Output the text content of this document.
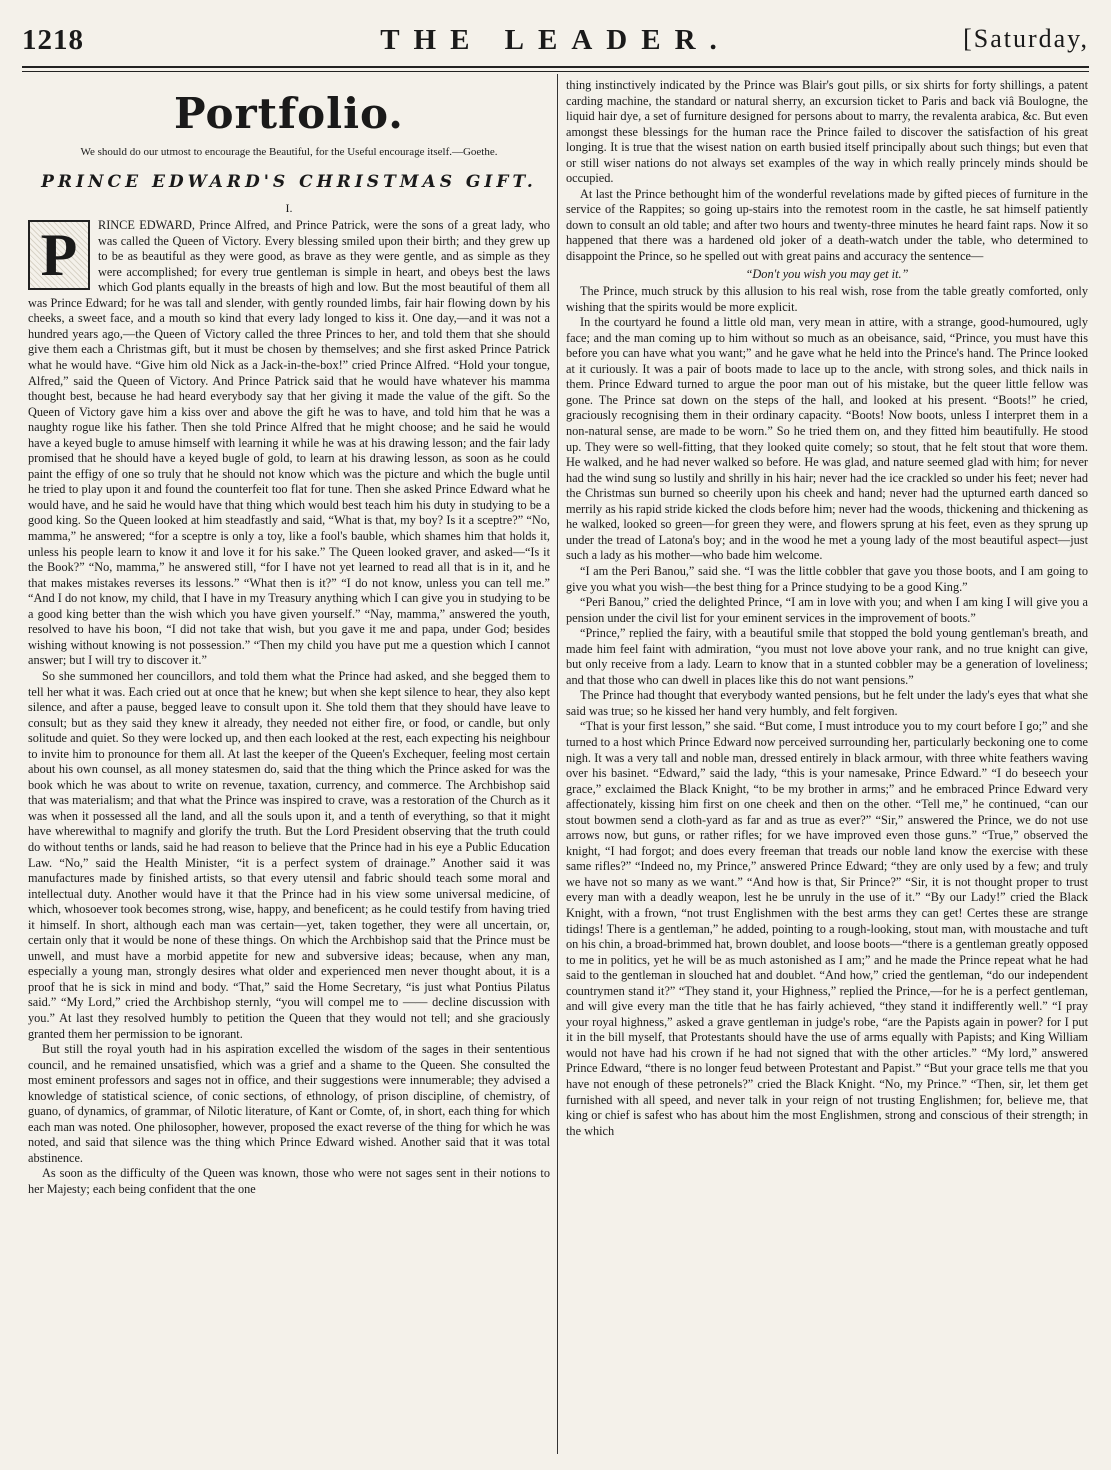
1218	THE LEADER.	[Saturday,
Portfolio.
We should do our utmost to encourage the Beautiful, for the Useful encourage itself.—Goethe.
PRINCE EDWARD'S CHRISTMAS GIFT.
I.
P	RINCE EDWARD, Prince Alfred, and Prince Patrick, were the sons of a great lady, who was called the Queen of Victory. Every blessing smiled upon their birth; and they grew up to be as beautiful as they were good, as brave as they were gentle, and as simple as they were accomplished; for every true gentleman is simple in heart, and obeys best the laws which God plants equally in the breasts of high and low. But the most beautiful of them all was Prince Edward; for he was tall and slender, with gently rounded limbs, fair hair flowing down by his cheeks, a sweet face, and a mouth so kind that every lady longed to kiss it. One day,—and it was not a hundred years ago,—the Queen of Victory called the three Princes to her, and told them that she should give them each a Christmas gift, but it must be chosen by themselves; and she first asked Prince Patrick what he would have. “Give him old Nick as a Jack-in-the-box!” cried Prince Alfred. “Hold your tongue, Alfred,” said the Queen of Victory. And Prince Patrick said that he would have whatever his mamma thought best, because he had heard everybody say that her giving it made the value of the gift. So the Queen of Victory gave him a kiss over and above the gift he was to have, and told him that he was a naughty rogue like his father. Then she told Prince Alfred that he might choose; and he said he would have a keyed bugle to amuse himself with learning it while he was at his drawing lesson; and the fair lady promised that he should have a keyed bugle of gold, to learn at his drawing lesson, as soon as he could paint the effigy of one so truly that he should not know which was the picture and which the bugle until he tried to play upon it and found the counterfeit too flat for tune. Then she asked Prince Edward what he would have, and he said he would have that thing which would best teach him his duty in studying to be a good king. So the Queen looked at him steadfastly and said, “What is that, my boy? Is it a sceptre?” “No, mamma,” he answered; “for a sceptre is only a toy, like a fool's bauble, which shames him that holds it, unless his people learn to know it and love it for his sake.” The Queen looked graver, and asked—“Is it the Book?” “No, mamma,” he answered still, “for I have not yet learned to read all that is in it, and he that makes mistakes reverses its lessons.” “What then is it?” “I do not know, unless you can tell me.” “And I do not know, my child, that I have in my Treasury anything which I can give you in studying to be a good king better than the wish which you have given yourself.” “Nay, mamma,” answered the youth, resolved to have his boon, “I did not take that wish, but you gave it me and papa, under God; besides wishing without knowing is not possession.” “Then my child you have put me a question which I cannot answer; but I will try to discover it.”

So she summoned her councillors, and told them what the Prince had asked, and she begged them to tell her what it was. Each cried out at once that he knew; but when she kept silence to hear, they also kept silence, and after a pause, begged leave to consult upon it. She told them that they should have leave to consult; but as they said they knew it already, they needed not either fire, or food, or candle, but only solitude and quiet. So they were locked up, and then each looked at the rest, each expecting his neighbour to invite him to pronounce for them all. At last the keeper of the Queen's Exchequer, feeling most certain about his own counsel, as all money statesmen do, said that the thing which the Prince asked for was the book which he was about to write on revenue, taxation, currency, and commerce. The Archbishop said that was materialism; and that what the Prince was inspired to crave, was a restoration of the Church as it was when it possessed all the land, and all the souls upon it, and a tenth of everything, so that it might have wherewithal to magnify and glorify the truth. But the Lord President observing that the truth could do without tenths or lands, said he had reason to believe that the Prince had in his eye a Public Education Law. “No,” said the Health Minister, “it is a perfect system of drainage.” Another said it was manufactures made by finished artists, so that every utensil and fabric should teach some moral and intellectual duty. Another would have it that the Prince had in his view some universal medicine, of which, whosoever took becomes strong, wise, happy, and beneficent; as he could testify from having tried it himself. In short, although each man was certain—yet, taken together, they were all uncertain, or, certain only that it would be none of these things. On which the Archbishop said that the Prince must be unwell, and must have a morbid appetite for new and subversive ideas; because, when any man, especially a young man, strongly desires what older and experienced men never thought about, it is a proof that he is sick in mind and body. “That,” said the Home Secretary, “is just what Pontius Pilatus said.” “My Lord,” cried the Archbishop sternly, “you will compel me to —— decline discussion with you.” At last they resolved humbly to petition the Queen that they would not tell; and she graciously granted them her permission to be ignorant.

But still the royal youth had in his aspiration excelled the wisdom of the sages in their sententious council, and he remained unsatisfied, which was a grief and a shame to the Queen. She consulted the most eminent professors and sages not in office, and their suggestions were innumerable; they advised a knowledge of statistical science, of conic sections, of ethnology, of prison discipline, of chemistry, of guano, of dynamics, of grammar, of Nilotic literature, of Kant or Comte, of, in short, each thing for which each man was noted. One philosopher, however, proposed the exact reverse of the thing for which he was noted, and said that silence was the thing which Prince Edward wished. Another said that it was total abstinence.

As soon as the difficulty of the Queen was known, those who were not sages sent in their notions to her Majesty; each being confident that the one

thing instinctively indicated by the Prince was Blair's gout pills, or six shirts for forty shillings, a patent carding machine, the standard or natural sherry, an excursion ticket to Paris and back viâ Boulogne, the liquid hair dye, a set of furniture designed for persons about to marry, the revalenta arabica, &c. But even amongst these blessings for the human race the Prince failed to discover the satisfaction of his great longing. It is true that the wisest nation on earth busied itself principally about such things; but even that or still wiser nations do not always set examples of the way in which really princely minds should be occupied.

At last the Prince bethought him of the wonderful revelations made by gifted pieces of furniture in the service of the Rappites; so going up-stairs into the remotest room in the castle, he sat himself patiently down to consult an old table; and after two hours and twenty-three minutes he heard faint raps. Now it so happened that there was a hardened old joker of a death-watch under the table, who determined to disappoint the Prince, so he spelled out with great pains and accuracy the sentence—

“Don't you wish you may get it.”

The Prince, much struck by this allusion to his real wish, rose from the table greatly comforted, only wishing that the spirits would be more explicit.

In the courtyard he found a little old man, very mean in attire, with a strange, good-humoured, ugly face; and the man coming up to him without so much as an obeisance, said, “Prince, you must have this before you can have what you want;” and he gave what he held into the Prince's hand. The Prince looked at it curiously. It was a pair of boots made to lace up to the ancle, with strong soles, and thick nails in them. Prince Edward turned to argue the poor man out of his mistake, but the queer little fellow was gone. The Prince sat down on the steps of the hall, and looked at his present. “Boots!” he cried, graciously recognising them in their ordinary capacity. “Boots! Now boots, unless I interpret them in a non-natural sense, are made to be worn.” So he tried them on, and they fitted him beautifully. He stood up. They were so well-fitting, that they looked quite comely; so stout, that he felt stout that wore them. He walked, and he had never walked so before. He was glad, and nature seemed glad with him; for never had the wind sung so lustily and shrilly in his hair; never had the ice crackled so under his feet; never had the Christmas sun burned so cheerily upon his cheek and hand; never had the upturned earth danced so merrily as his rapid stride kicked the clods before him; never had the woods, thickening and thickening as he walked, looked so green—for green they were, and flowers sprung at his feet, even as they sprung up under the tread of Latona's boy; and in the wood he met a young lady of the most beautiful aspect—just such a lady as his mother—who bade him welcome.

“I am the Peri Banou,” said she. “I was the little cobbler that gave you those boots, and I am going to give you what you wish—the best thing for a Prince studying to be a good King.”

“Peri Banou,” cried the delighted Prince, “I am in love with you; and when I am king I will give you a pension under the civil list for your eminent services in the improvement of boots.”

“Prince,” replied the fairy, with a beautiful smile that stopped the bold young gentleman's breath, and made him feel faint with admiration, “you must not love above your rank, and no true knight can give, but only receive from a lady. Learn to know that in a stunted cobbler may be a generation of loveliness; and that those who can dwell in places like this do not want pensions.”

The Prince had thought that everybody wanted pensions, but he felt under the lady's eyes that what she said was true; so he kissed her hand very humbly, and felt forgiven.

“That is your first lesson,” she said. “But come, I must introduce you to my court before I go;” and she turned to a host which Prince Edward now perceived surrounding her, particularly beckoning one to come nigh. It was a very tall and noble man, dressed entirely in black armour, with three white feathers waving over his basinet. “Edward,” said the lady, “this is your namesake, Prince Edward.” “I do beseech your grace,” exclaimed the Black Knight, “to be my brother in arms;” and he embraced Prince Edward very affectionately, kissing him first on one cheek and then on the other. “Tell me,” he continued, “can our stout bowmen send a cloth-yard as far and as true as ever?” “Sir,” answered the Prince, we do not use arrows now, but guns, or rather rifles; for we have improved even those guns.” “True,” observed the knight, “I had forgot; and does every freeman that treads our noble land know the exercise with these same rifles?” “Indeed no, my Prince,” answered Prince Edward; “they are only used by a few; and truly we have not so many as we want.” “And how is that, Sir Prince?” “Sir, it is not thought proper to trust every man with a deadly weapon, lest he be unruly in the use of it.” “By our Lady!” cried the Black Knight, with a frown, “not trust Englishmen with the best arms they can get! Certes these are strange tidings! There is a gentleman,” he added, pointing to a rough-looking, stout man, with moustache and tuft on his chin, a broad-brimmed hat, brown doublet, and loose boots—“there is a gentleman greatly opposed to me in politics, yet he will be as much astonished as I am;” and he made the Prince repeat what he had said to the gentleman in slouched hat and doublet. “And how,” cried the gentleman, “do our independent countrymen stand it?” “They stand it, your Highness,” replied the Prince,—for he is a perfect gentleman, and will give every man the title that he has fairly achieved, “they stand it indifferently well.” “I pray your royal highness,” asked a grave gentleman in judge's robe, “are the Papists again in power? for I put it in the bill myself, that Protestants should have the use of arms equally with Papists; and King William would not have had his crown if he had not signed that with the other articles.” “My lord,” answered Prince Edward, “there is no longer feud between Protestant and Papist.” “But your grace tells me that you have not enough of these petronels?” cried the Black Knight. “No, my Prince.” “Then, sir, let them get furnished with all speed, and never talk in your reign of not trusting Englishmen; for, believe me, that king or chief is safest who has about him the most Englishmen, strong and conscious of their strength; in the which
